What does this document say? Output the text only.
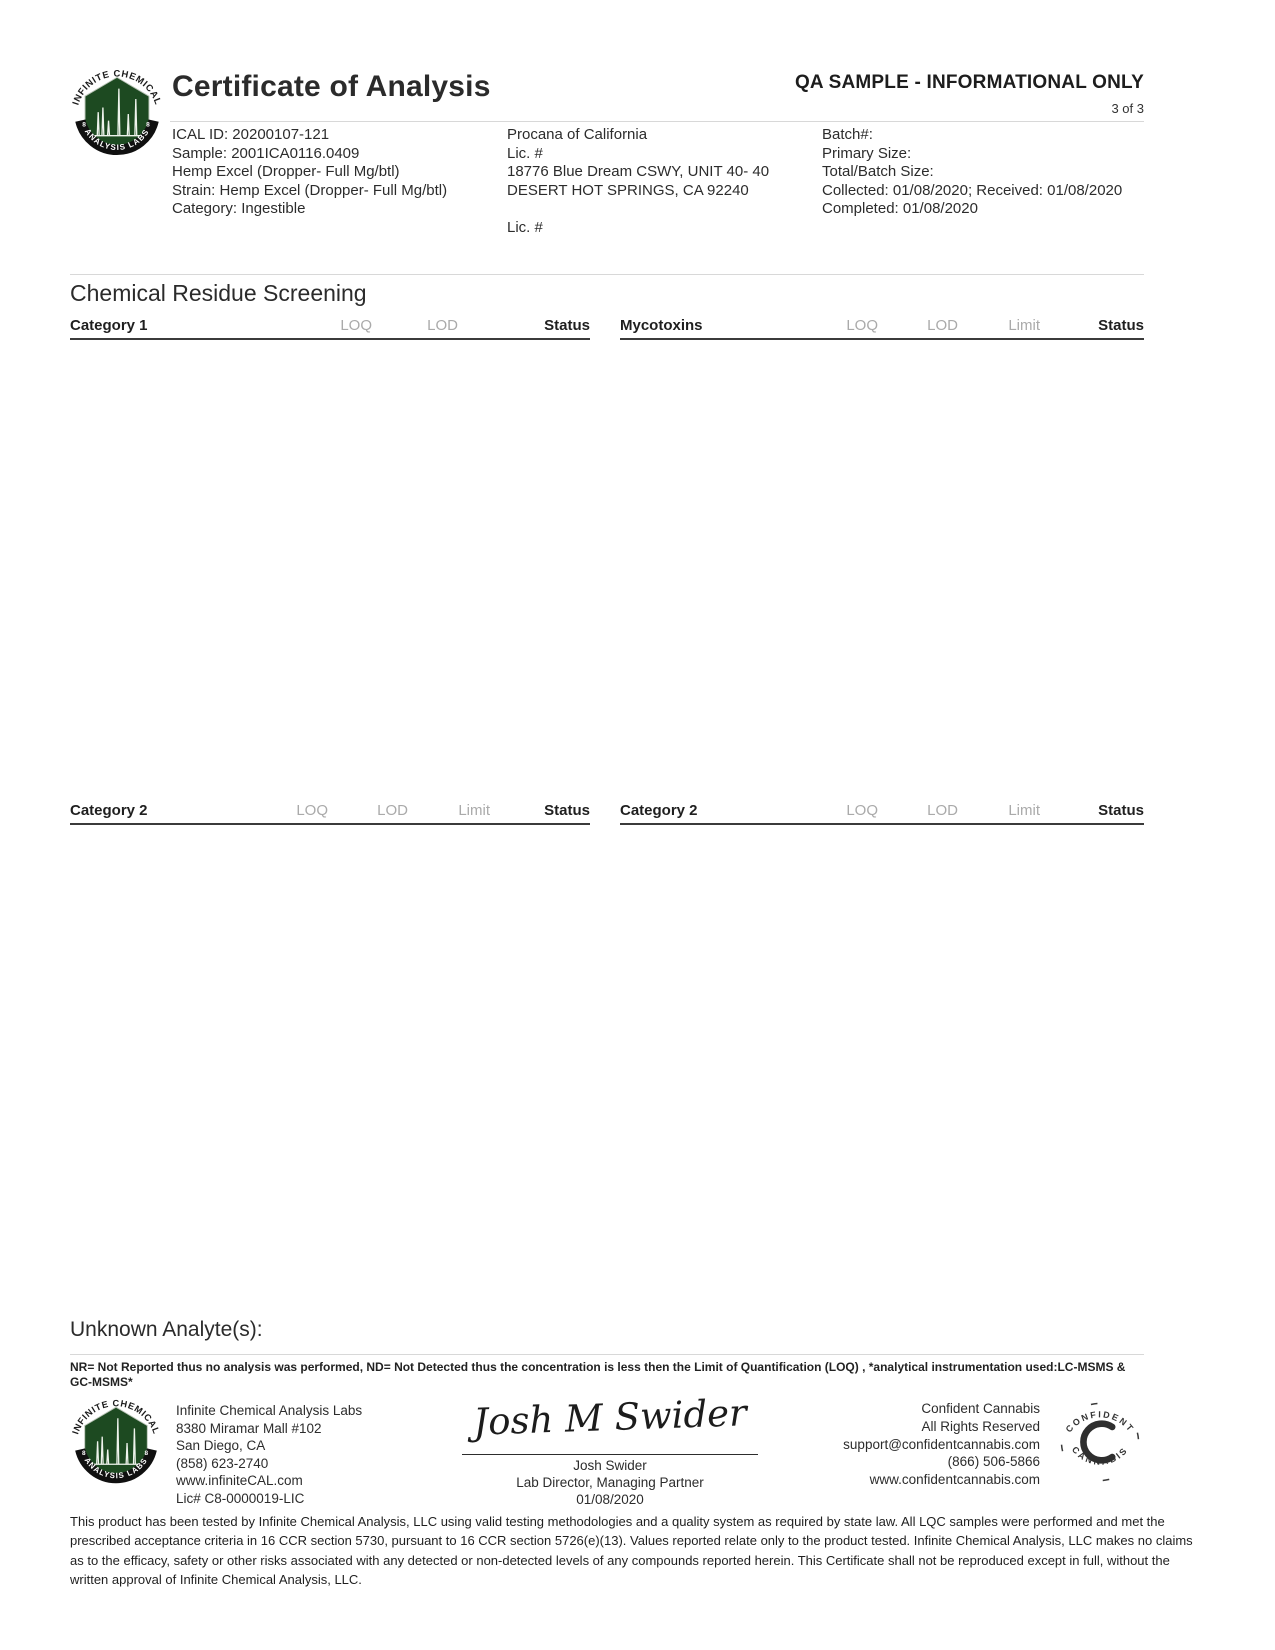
INFINITE CHEMICAL
ANALYSIS LABS
8	8
Certificate of Analysis	QA SAMPLE - INFORMATIONAL ONLY
3 of 3
ICAL ID: 20200107-121
Sample: 2001ICA0116.0409
Hemp Excel (Dropper- Full Mg/btl)
Strain: Hemp Excel (Dropper- Full Mg/btl)
Category: Ingestible
Procana of California
Lic. #
18776 Blue Dream CSWY, UNIT 40- 40
DESERT HOT SPRINGS, CA 92240
Lic. #
Batch#:
Primary Size:
Total/Batch Size:
Collected: 01/08/2020; Received: 01/08/2020
Completed: 01/08/2020
Chemical Residue Screening
Category 1	LOQ	LOD	Status Mycotoxins	LOQ	LOD	Limit	Status
Category 2	LOQ	LOD	Limit	Status Category 2	LOQ	LOD	Limit	Status
Unknown Analyte(s):
NR= Not Reported thus no analysis was performed, ND= Not Detected thus the concentration is less then the Limit of Quantification (LOQ) , *analytical instrumentation used:LC-MSMS & GC-MSMS*
INFINITE CHEMICAL
ANALYSIS LABS
8	8
Infinite Chemical Analysis Labs
8380 Miramar Mall #102
San Diego, CA
(858) 623-2740
www.infiniteCAL.com
Lic# C8-0000019-LIC
Josh M Swider
Josh Swider
Lab Director, Managing Partner
01/08/2020
Confident Cannabis
All Rights Reserved
support@confidentcannabis.com
(866) 506-5866
www.confidentcannabis.com
CONFIDENT
CANNABIS
This product has been tested by Infinite Chemical Analysis, LLC using valid testing methodologies and a quality system as required by state law. All LQC samples were performed and met the prescribed acceptance criteria in 16 CCR section 5730, pursuant to 16 CCR section 5726(e)(13). Values reported relate only to the product tested. Infinite Chemical Analysis, LLC makes no claims as to the efficacy, safety or other risks associated with any detected or non-detected levels of any compounds reported herein. This Certificate shall not be reproduced except in full, without the written approval of Infinite Chemical Analysis, LLC.
